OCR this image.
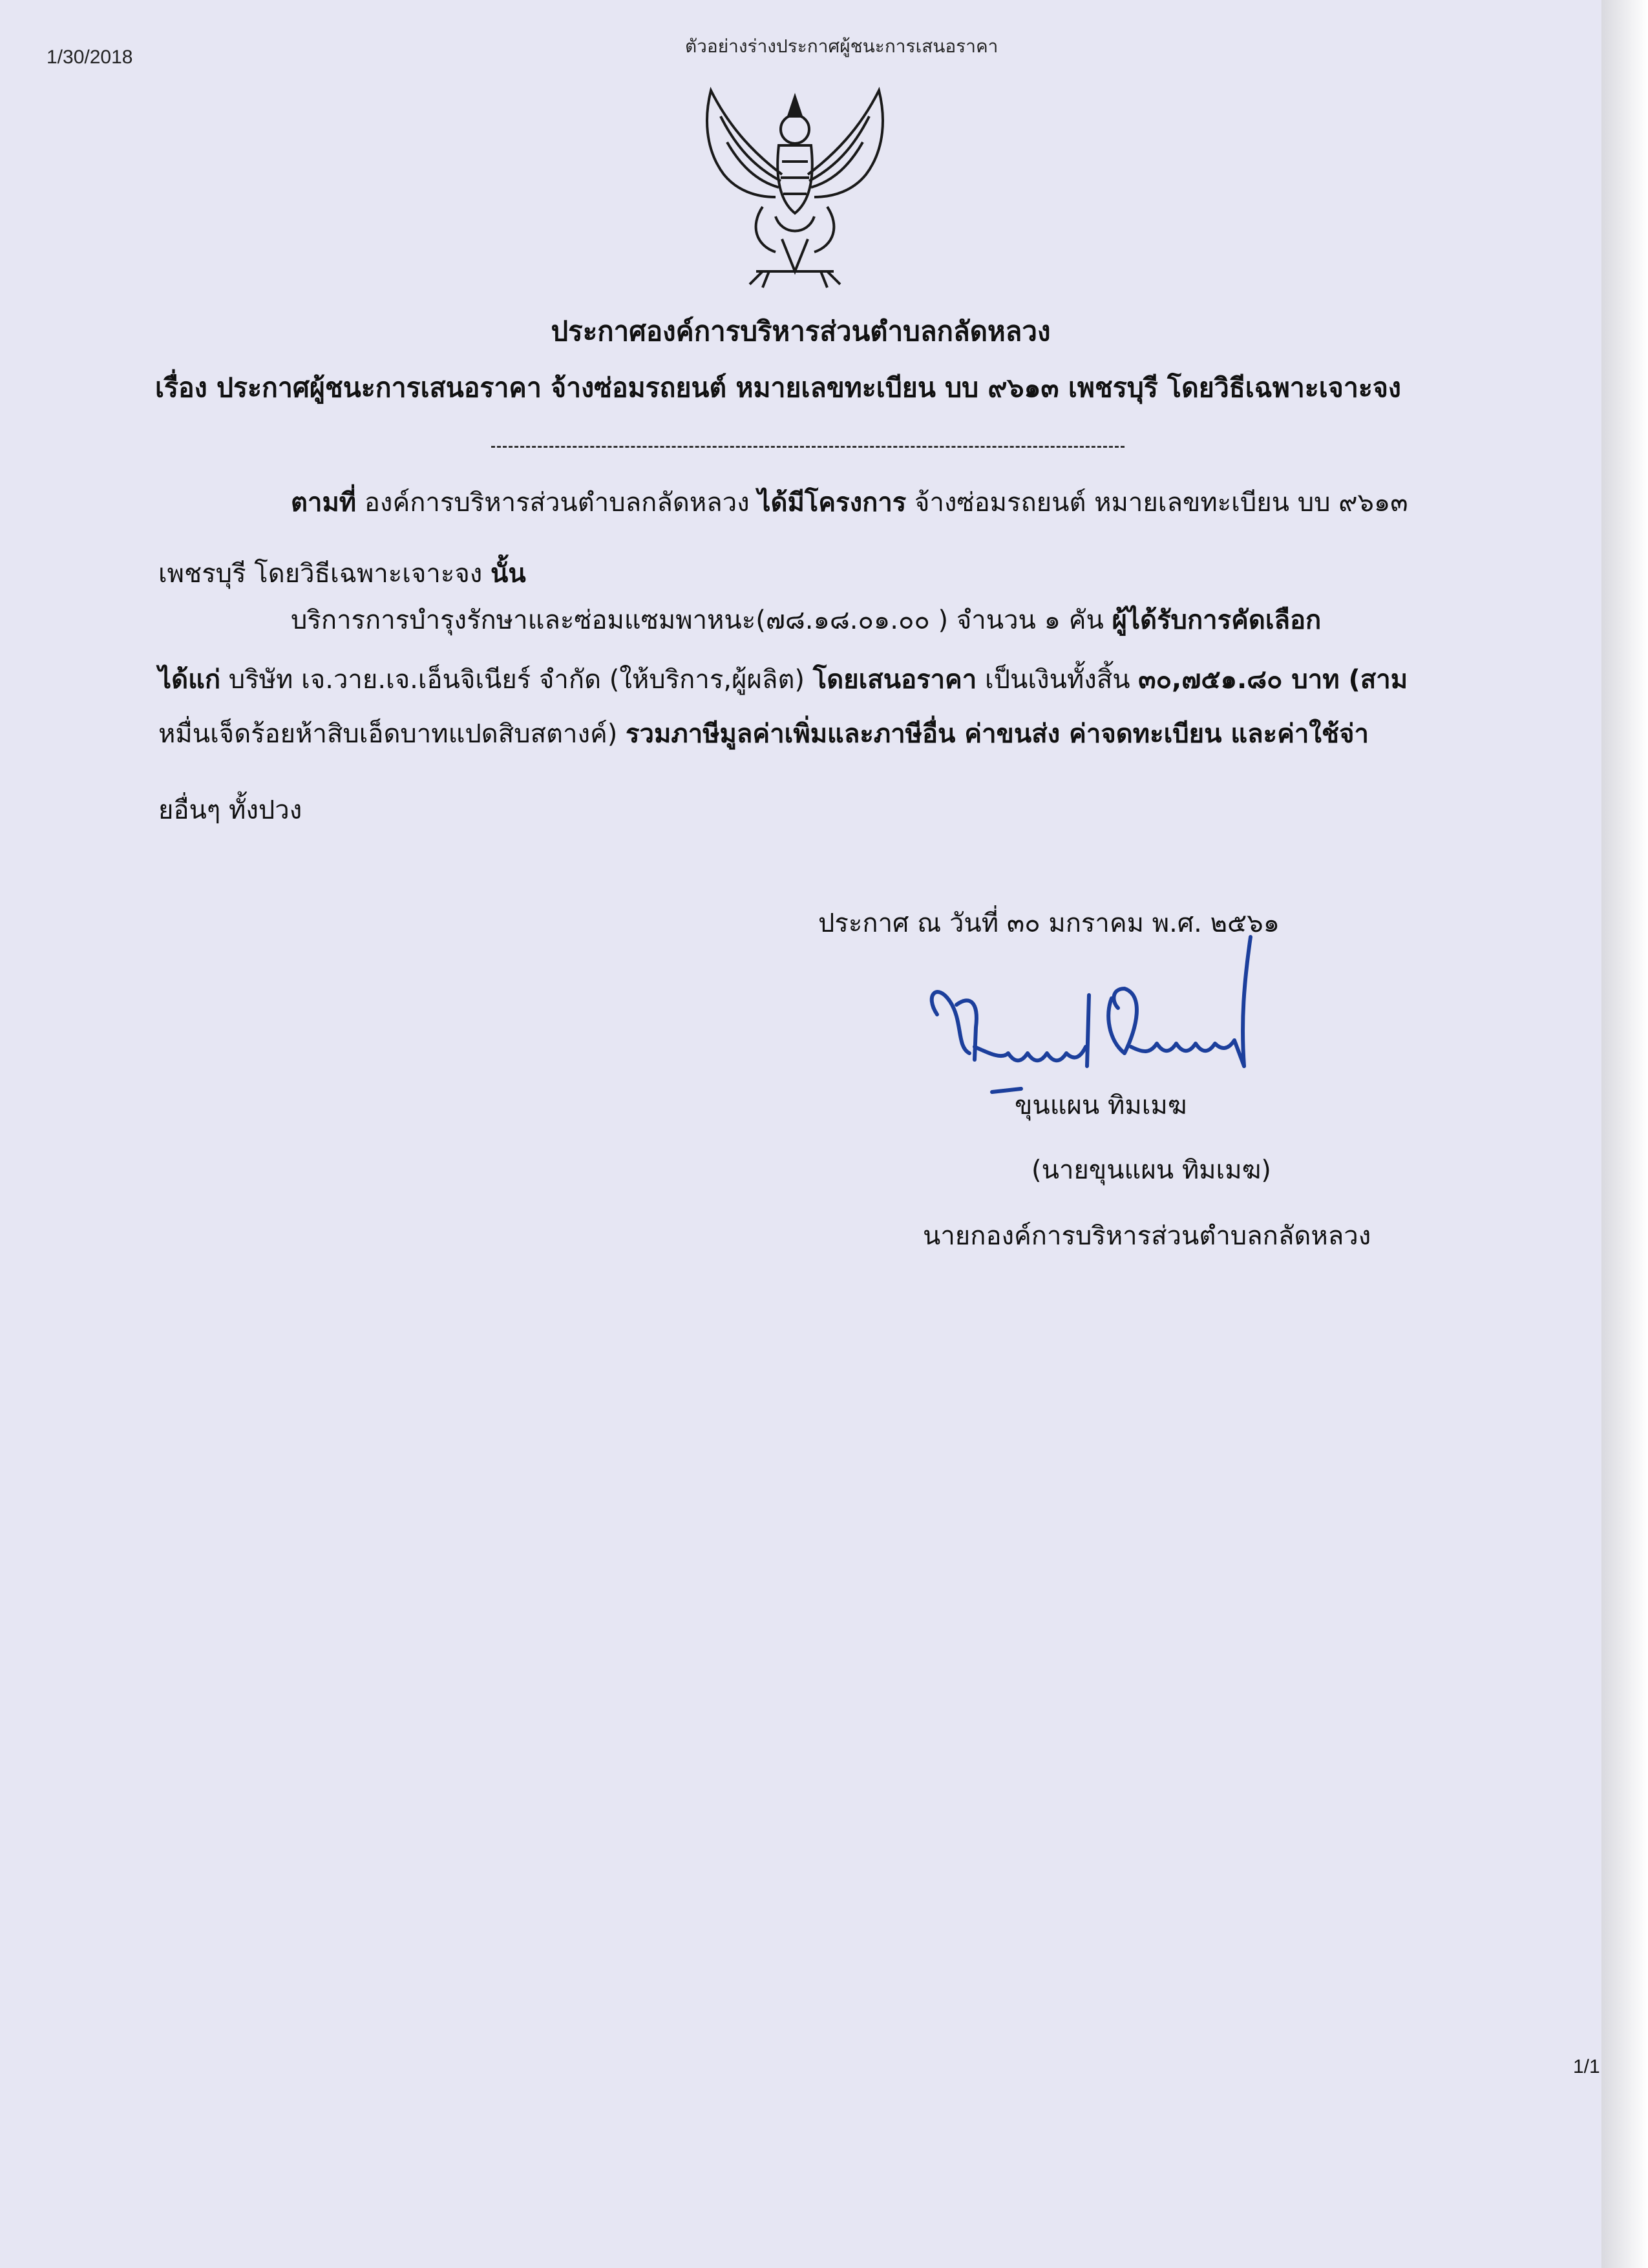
1/30/2018
ตัวอย่างร่างประกาศผู้ชนะการเสนอราคา
ประกาศองค์การบริหารส่วนตำบลกลัดหลวง
เรื่อง ประกาศผู้ชนะการเสนอราคา จ้างซ่อมรถยนต์ หมายเลขทะเบียน บบ ๙๖๑๓ เพชรบุรี โดยวิธีเฉพาะเจาะจง
ตามที่ องค์การบริหารส่วนตำบลกลัดหลวง ได้มีโครงการ จ้างซ่อมรถยนต์ หมายเลขทะเบียน บบ ๙๖๑๓
เพชรบุรี โดยวิธีเฉพาะเจาะจง นั้น
บริการการบำรุงรักษาและซ่อมแซมพาหนะ(๗๘.๑๘.๐๑.๐๐ ) จำนวน ๑ คัน ผู้ได้รับการคัดเลือก
ได้แก่ บริษัท เจ.วาย.เจ.เอ็นจิเนียร์ จำกัด (ให้บริการ,ผู้ผลิต) โดยเสนอราคา เป็นเงินทั้งสิ้น ๓๐,๗๕๑.๘๐ บาท (สาม
หมื่นเจ็ดร้อยห้าสิบเอ็ดบาทแปดสิบสตางค์) รวมภาษีมูลค่าเพิ่มและภาษีอื่น ค่าขนส่ง ค่าจดทะเบียน และค่าใช้จ่า
ยอื่นๆ ทั้งปวง
ประกาศ ณ วันที่ ๓๐ มกราคม พ.ศ. ๒๕๖๑
ขุนแผน ทิมเมฆ
(นายขุนแผน ทิมเมฆ)
นายกองค์การบริหารส่วนตำบลกลัดหลวง
1/1
